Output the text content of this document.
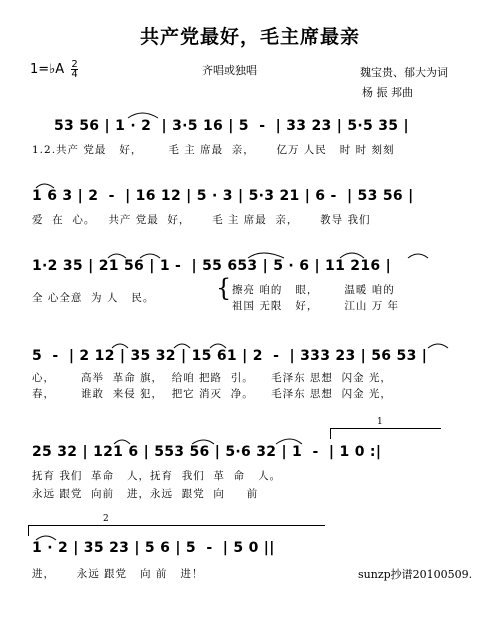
共产党最好，毛主席最亲
1=♭A $\frac{2}{4}$	齐唱或独唱	魏宝贵、郁大为词
杨 振 邦曲
53 56 | 1 · 2  | 3·5 16 | 5  -  | 33 23 | 5·5 35 |
1.2.共产 党最   好，      毛 主 席最  亲，     亿万 人民   时 时 刻刻
1 6 3 | 2  -  | 16 12 | 5 · 3 | 5·3 21 | 6 -  | 53 56 |
爱  在  心。   共产 党最  好，     毛 主 席最  亲，     教导 我们
1·2 35 | 21 56 | 1 -  | 55 653 | 5 · 6 | 11 216 |
全 心全意  为 人   民。	{ 擦亮 咱的   眼，      温暖 咱的
祖国 无限   好，      江山 万 年
5  -  | 2 12 | 35 32 | 15 61 | 2  -  | 333 23 | 56 53 |
心，      高举  革命 旗，  给咱 把路  引。    毛泽东 思想  闪金 光，
春，      谁敢  来侵 犯，  把它 消灭  净。    毛泽东 思想  闪金 光，
25 32 | 121 6 | 553 56 | 5·6 32 | 1  -  | 1 0 :|
抚育 我们  革命   人，抚育  我们  革  命   人。
永远 跟党  向前   进，永远  跟党  向     前
1
1 · 2 | 35 23 | 5 6 | 5  -  | 5 0 ||
进，     永远 跟党   向 前   进！
2
sunzp抄谱20100509.
